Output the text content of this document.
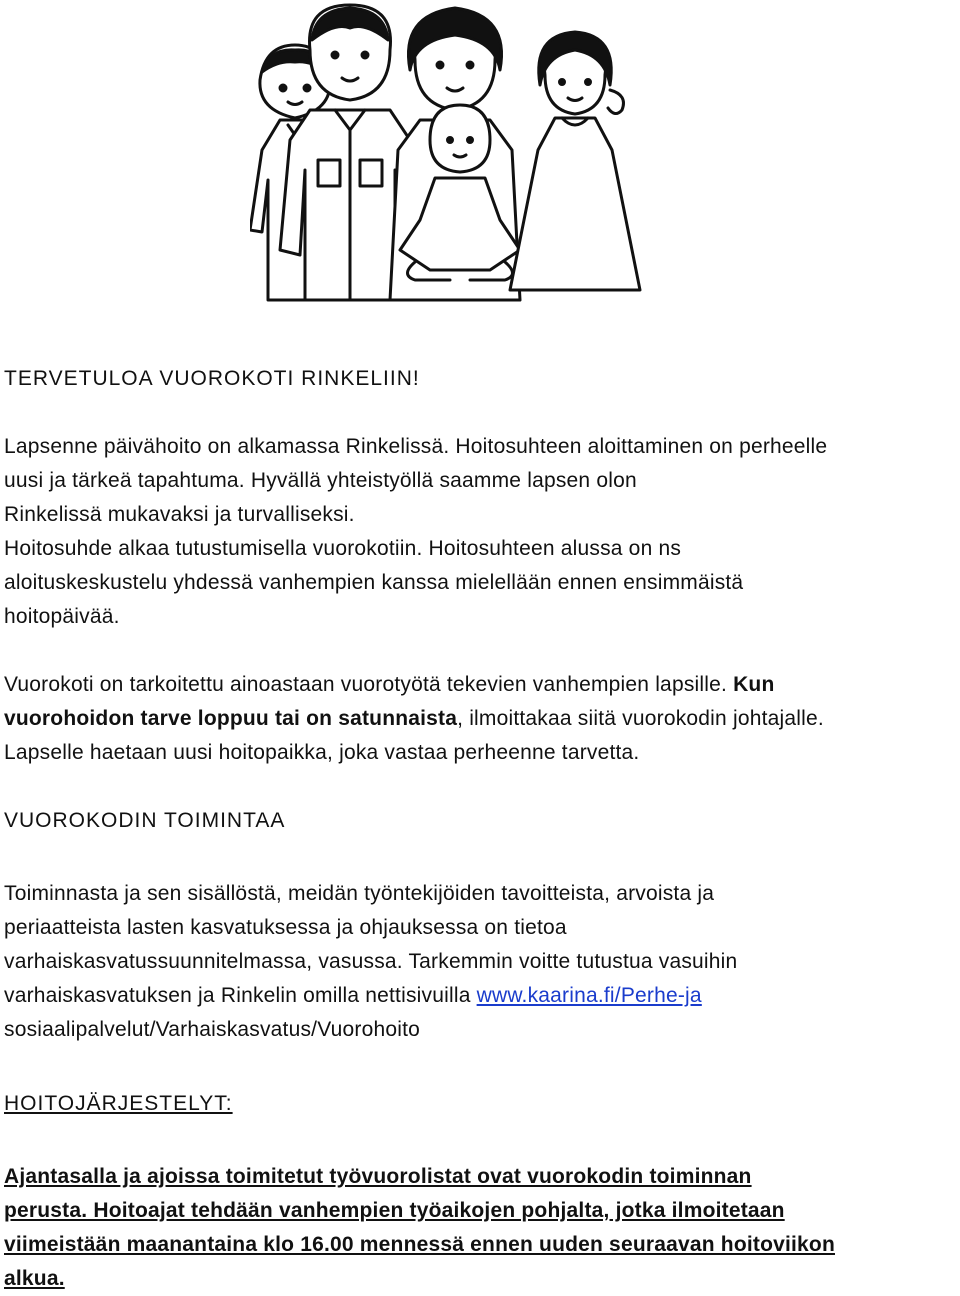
TERVETULOA VUOROKOTI RINKELIIN!
Lapsenne päivähoito on alkamassa Rinkelissä. Hoitosuhteen aloittaminen on perheelle
uusi ja tärkeä tapahtuma. Hyvällä yhteistyöllä saamme lapsen olon
Rinkelissä mukavaksi ja turvalliseksi.
Hoitosuhde alkaa tutustumisella vuorokotiin. Hoitosuhteen alussa on ns
aloituskeskustelu yhdessä vanhempien kanssa mielellään ennen ensimmäistä
hoitopäivää.
Vuorokoti on tarkoitettu ainoastaan vuorotyötä tekevien vanhempien lapsille. Kun
vuorohoidon tarve loppuu tai on satunnaista, ilmoittakaa siitä vuorokodin johtajalle.
Lapselle haetaan uusi hoitopaikka, joka vastaa perheenne tarvetta.
VUOROKODIN TOIMINTAA
Toiminnasta ja sen sisällöstä, meidän työntekijöiden tavoitteista, arvoista ja
periaatteista lasten kasvatuksessa ja ohjauksessa on tietoa
varhaiskasvatussuunnitelmassa, vasussa. Tarkemmin voitte tutustua vasuihin
varhaiskasvatuksen ja Rinkelin omilla nettisivuilla www.kaarina.fi/Perhe-ja
sosiaalipalvelut/Varhaiskasvatus/Vuorohoito
HOITOJÄRJESTELYT:
Ajantasalla ja ajoissa toimitetut työvuorolistat ovat vuorokodin toiminnan
perusta. Hoitoajat tehdään vanhempien työaikojen pohjalta, jotka ilmoitetaan
viimeistään maanantaina klo 16.00 mennessä ennen uuden seuraavan hoitoviikon
alkua.
